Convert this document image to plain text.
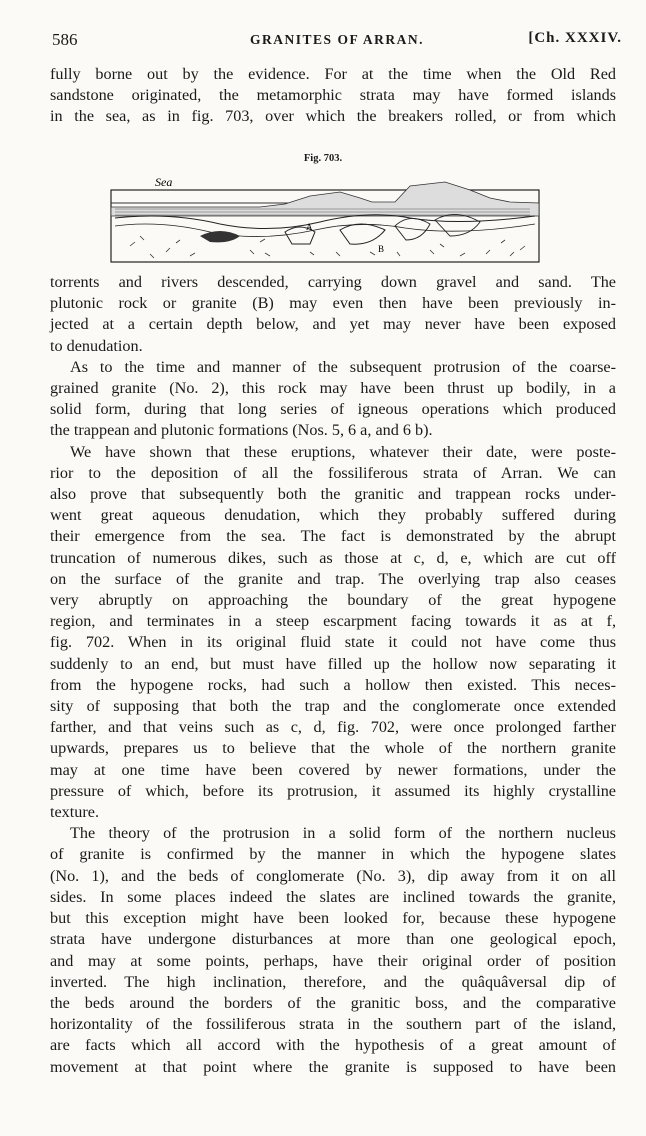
586	GRANITES OF ARRAN.	[Ch. XXXIV.
fully borne out by the evidence. For at the time when the Old Red
sandstone originated, the metamorphic strata may have formed islands
in the sea, as in fig. 703, over which the breakers rolled, or from which
Fig. 703.
Sea
A
B
torrents and rivers descended, carrying down gravel and sand. The
plutonic rock or granite (B) may even then have been previously in-
jected at a certain depth below, and yet may never have been exposed
to denudation.
As to the time and manner of the subsequent protrusion of the coarse-
grained granite (No. 2), this rock may have been thrust up bodily, in a
solid form, during that long series of igneous operations which produced
the trappean and plutonic formations (Nos. 5, 6 a, and 6 b).
We have shown that these eruptions, whatever their date, were poste-
rior to the deposition of all the fossiliferous strata of Arran. We can
also prove that subsequently both the granitic and trappean rocks under-
went great aqueous denudation, which they probably suffered during
their emergence from the sea. The fact is demonstrated by the abrupt
truncation of numerous dikes, such as those at c, d, e, which are cut off
on the surface of the granite and trap. The overlying trap also ceases
very abruptly on approaching the boundary of the great hypogene
region, and terminates in a steep escarpment facing towards it as at f,
fig. 702. When in its original fluid state it could not have come thus
suddenly to an end, but must have filled up the hollow now separating it
from the hypogene rocks, had such a hollow then existed. This neces-
sity of supposing that both the trap and the conglomerate once extended
farther, and that veins such as c, d, fig. 702, were once prolonged farther
upwards, prepares us to believe that the whole of the northern granite
may at one time have been covered by newer formations, under the
pressure of which, before its protrusion, it assumed its highly crystalline
texture.
The theory of the protrusion in a solid form of the northern nucleus
of granite is confirmed by the manner in which the hypogene slates
(No. 1), and the beds of conglomerate (No. 3), dip away from it on all
sides. In some places indeed the slates are inclined towards the granite,
but this exception might have been looked for, because these hypogene
strata have undergone disturbances at more than one geological epoch,
and may at some points, perhaps, have their original order of position
inverted. The high inclination, therefore, and the quâquâversal dip of
the beds around the borders of the granitic boss, and the comparative
horizontality of the fossiliferous strata in the southern part of the island,
are facts which all accord with the hypothesis of a great amount of
movement at that point where the granite is supposed to have been
